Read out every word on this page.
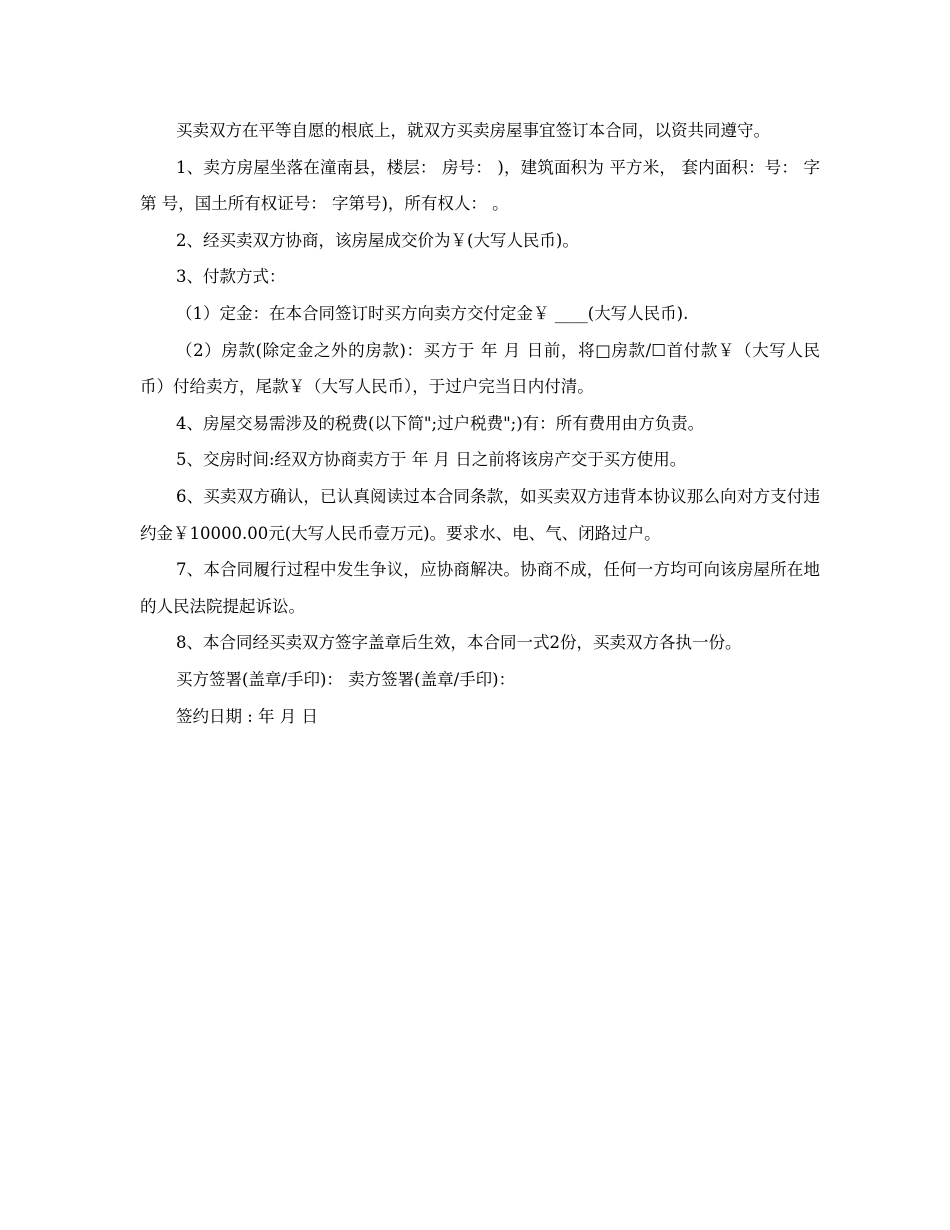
买卖双方在平等自愿的根底上，就双方买卖房屋事宜签订本合同，以资共同遵守。

1、卖方房屋坐落在潼南县，楼层： 房号： )，建筑面积为 平方米， 套内面积：号： 字第 号，国土所有权证号： 字第号)，所有权人： 。

2、经买卖双方协商，该房屋成交价为￥(大写人民币)。

3、付款方式：

（1）定金：在本合同签订时买方向卖方交付定金￥ ____(大写人民币).

（2）房款(除定金之外的房款)：买方于 年 月 日前，将□房款/☐首付款￥（大写人民币）付给卖方，尾款￥（大写人民币），于过户完当日内付清。

4、房屋交易需涉及的税费(以下简";过户税费";)有：所有费用由方负责。

5、交房时间:经双方协商卖方于 年 月 日之前将该房产交于买方使用。

6、买卖双方确认，已认真阅读过本合同条款，如买卖双方违背本协议那么向对方支付违约金￥10000.00元(大写人民币壹万元)。要求水、电、气、闭路过户。

7、本合同履行过程中发生争议，应协商解决。协商不成，任何一方均可向该房屋所在地的人民法院提起诉讼。

8、本合同经买卖双方签字盖章后生效，本合同一式2份，买卖双方各执一份。

买方签署(盖章/手印)： 卖方签署(盖章/手印)：

签约日期 : 年 月 日
